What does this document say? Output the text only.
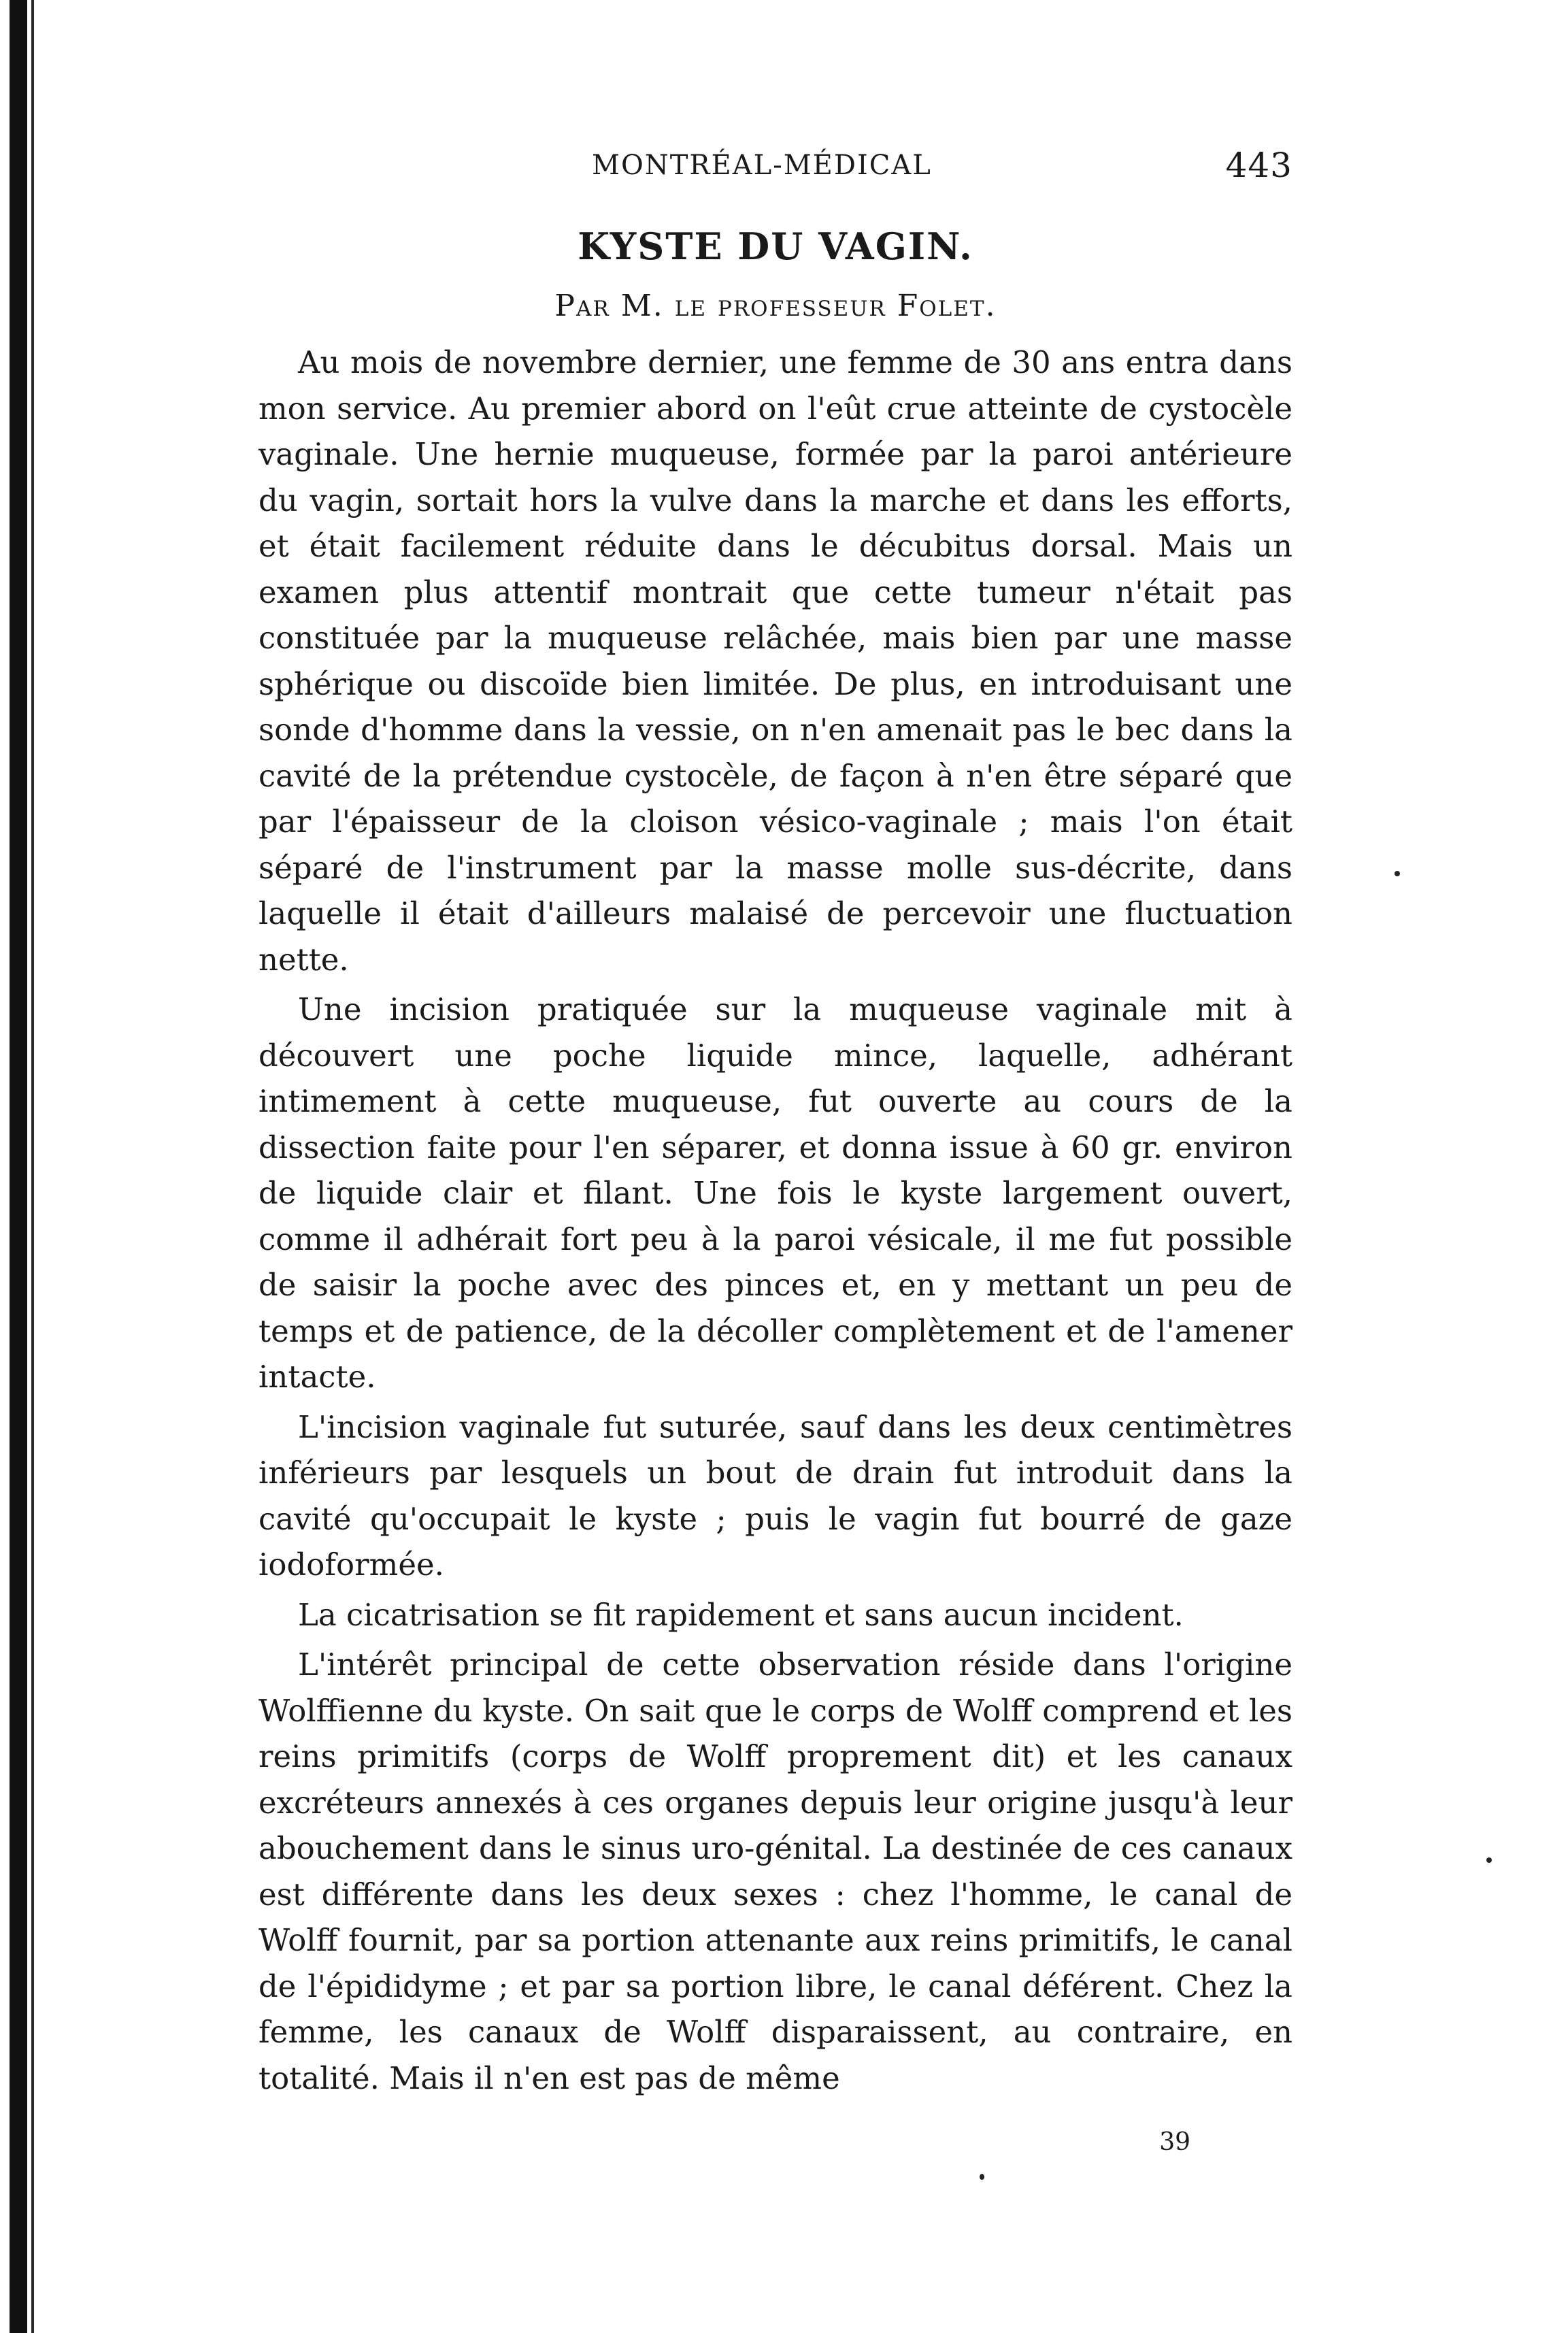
MONTRÉAL-MÉDICAL	443
KYSTE DU VAGIN.
Par M. le professeur Folet.

Au mois de novembre dernier, une femme de 30 ans entra dans mon service. Au premier abord on l'eût crue atteinte de cystocèle vaginale. Une hernie muqueuse, formée par la paroi antérieure du vagin, sortait hors la vulve dans la marche et dans les efforts, et était facilement réduite dans le décubitus dorsal. Mais un examen plus attentif montrait que cette tumeur n'était pas constituée par la muqueuse relâchée, mais bien par une masse sphérique ou discoïde bien limitée. De plus, en introduisant une sonde d'homme dans la vessie, on n'en amenait pas le bec dans la cavité de la prétendue cystocèle, de façon à n'en être séparé que par l'épaisseur de la cloison vésico-vaginale ; mais l'on était séparé de l'instrument par la masse molle sus-décrite, dans laquelle il était d'ailleurs malaisé de percevoir une fluctuation nette.

Une incision pratiquée sur la muqueuse vaginale mit à découvert une poche liquide mince, laquelle, adhérant intimement à cette muqueuse, fut ouverte au cours de la dissection faite pour l'en séparer, et donna issue à 60 gr. environ de liquide clair et filant. Une fois le kyste largement ouvert, comme il adhérait fort peu à la paroi vésicale, il me fut possible de saisir la poche avec des pinces et, en y mettant un peu de temps et de patience, de la décoller complètement et de l'amener intacte.

L'incision vaginale fut suturée, sauf dans les deux centimètres inférieurs par lesquels un bout de drain fut introduit dans la cavité qu'occupait le kyste ; puis le vagin fut bourré de gaze iodoformée.

La cicatrisation se fit rapidement et sans aucun incident.

L'intérêt principal de cette observation réside dans l'origine Wolffienne du kyste. On sait que le corps de Wolff comprend et les reins primitifs (corps de Wolff proprement dit) et les canaux excréteurs annexés à ces organes depuis leur origine jusqu'à leur abouchement dans le sinus uro-génital. La destinée de ces canaux est différente dans les deux sexes : chez l'homme, le canal de Wolff fournit, par sa portion attenante aux reins primitifs, le canal de l'épididyme ; et par sa portion libre, le canal déférent. Chez la femme, les canaux de Wolff disparaissent, au contraire, en totalité. Mais il n'en est pas de même

39
